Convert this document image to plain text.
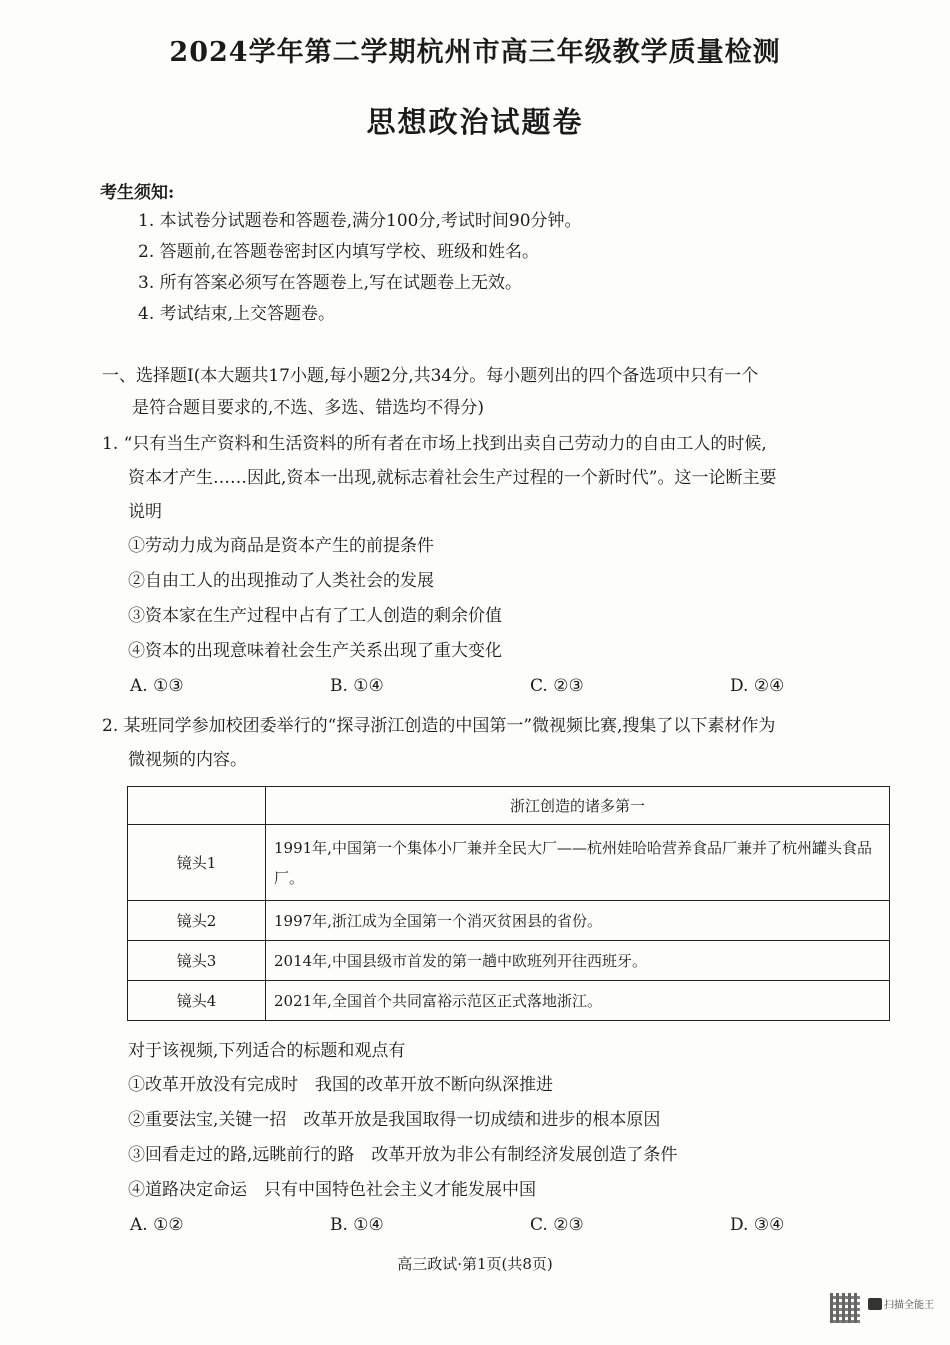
2024学年第二学期杭州市高三年级教学质量检测
思想政治试题卷
考生须知:
1. 本试卷分试题卷和答题卷,满分100分,考试时间90分钟。
2. 答题前,在答题卷密封区内填写学校、班级和姓名。
3. 所有答案必须写在答题卷上,写在试题卷上无效。
4. 考试结束,上交答题卷。
一、选择题Ⅰ(本大题共17小题,每小题2分,共34分。每小题列出的四个备选项中只有一个
是符合题目要求的,不选、多选、错选均不得分)
1. “只有当生产资料和生活资料的所有者在市场上找到出卖自己劳动力的自由工人的时候,
资本才产生……因此,资本一出现,就标志着社会生产过程的一个新时代”。这一论断主要
说明
①劳动力成为商品是资本产生的前提条件
②自由工人的出现推动了人类社会的发展
③资本家在生产过程中占有了工人创造的剩余价值
④资本的出现意味着社会生产关系出现了重大变化
A. ①③	B. ①④	C. ②③	D. ②④
2. 某班同学参加校团委举行的“探寻浙江创造的中国第一”微视频比赛,搜集了以下素材作为
微视频的内容。
	浙江创造的诸多第一
镜头1	1991年,中国第一个集体小厂兼并全民大厂——杭州娃哈哈营养食品厂兼并了杭州罐头食品厂。
镜头2	1997年,浙江成为全国第一个消灭贫困县的省份。
镜头3	2014年,中国县级市首发的第一趟中欧班列开往西班牙。
镜头4	2021年,全国首个共同富裕示范区正式落地浙江。
对于该视频,下列适合的标题和观点有
①改革开放没有完成时　我国的改革开放不断向纵深推进
②重要法宝,关键一招　改革开放是我国取得一切成绩和进步的根本原因
③回看走过的路,远眺前行的路　改革开放为非公有制经济发展创造了条件
④道路决定命运　只有中国特色社会主义才能发展中国
A. ①②	B. ①④	C. ②③	D. ③④
高三政试·第1页(共8页)
扫描全能王
